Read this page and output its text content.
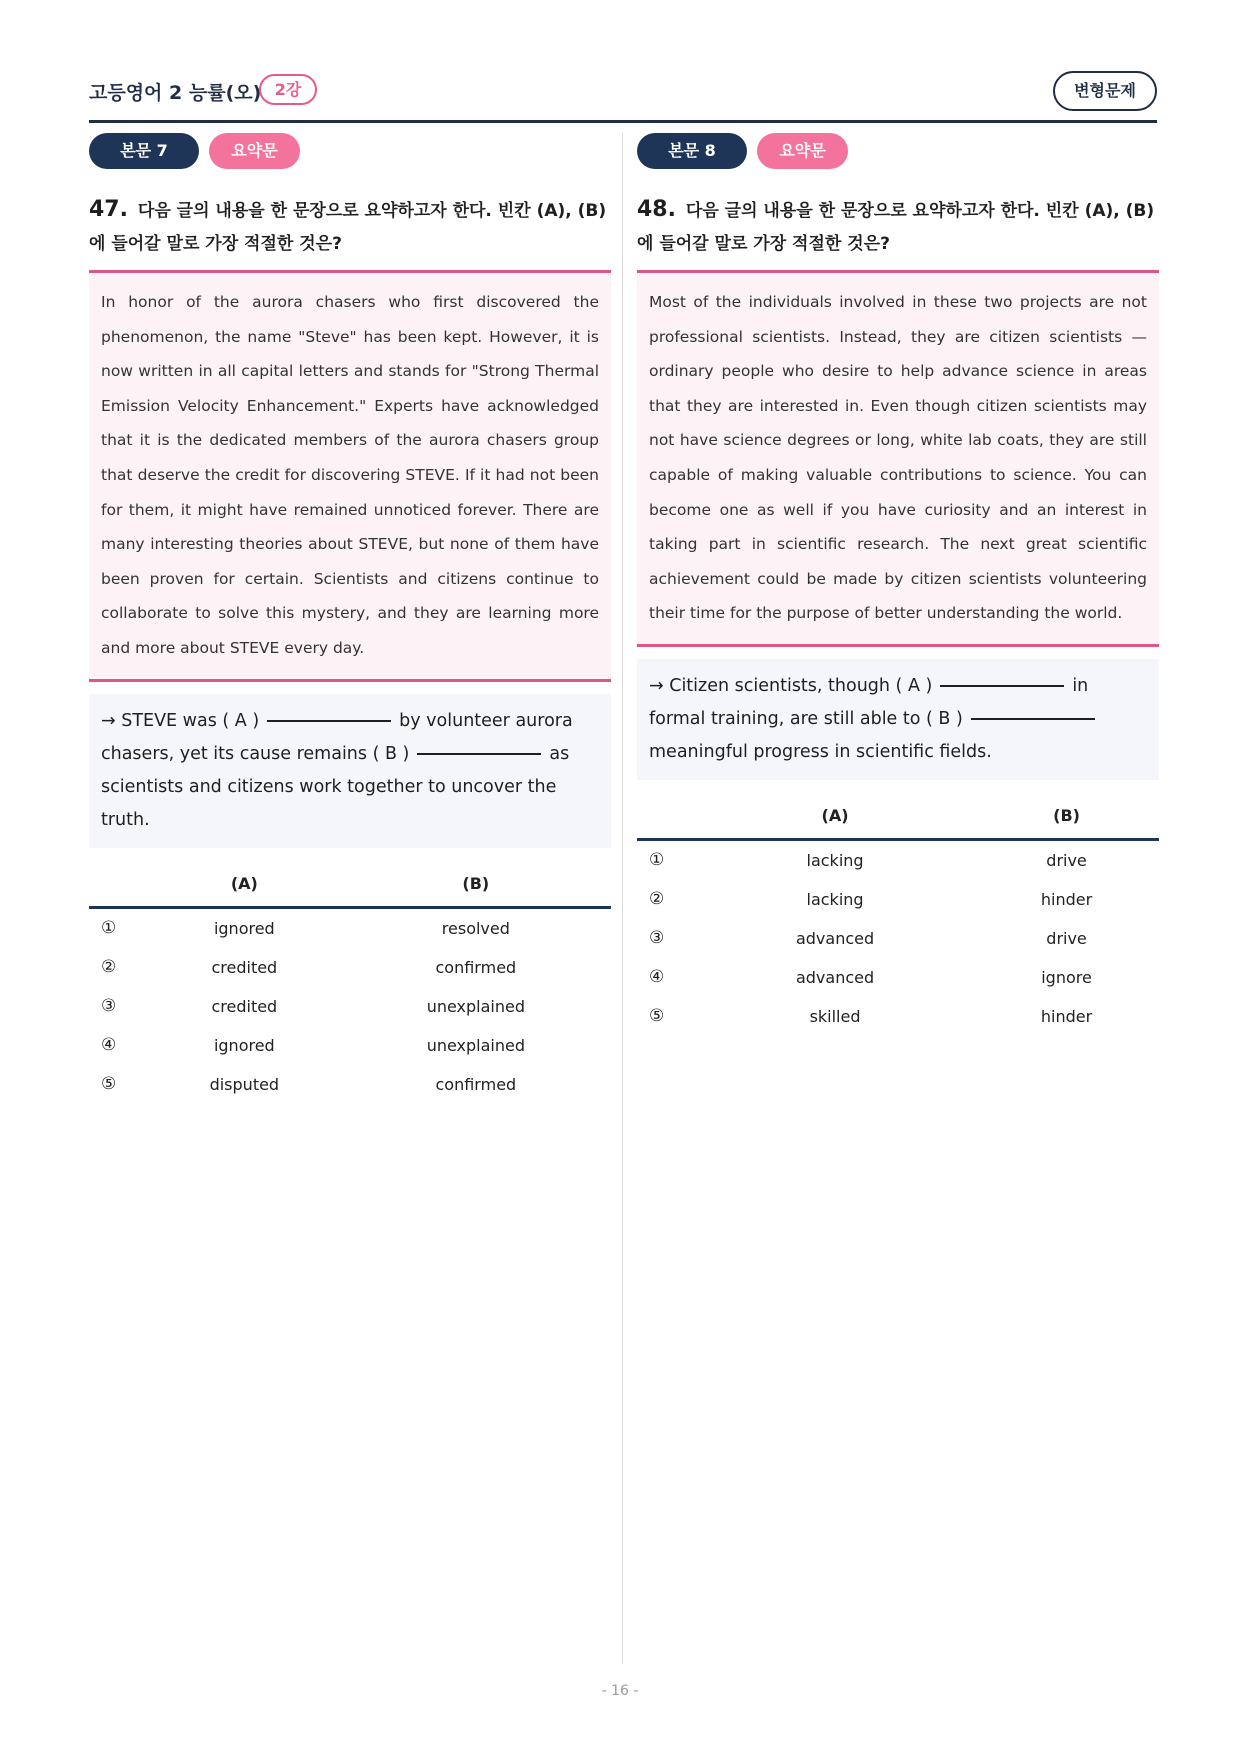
고등영어 2 능률(오) 2강	변형문제
본문 7	요약문
47. 다음 글의 내용을 한 문장으로 요약하고자 한다. 빈칸 (A), (B)에 들어갈 말로 가장 적절한 것은?
In honor of the aurora chasers who first discovered the phenomenon, the name "Steve" has been kept. However, it is now written in all capital letters and stands for "Strong Thermal Emission Velocity Enhancement." Experts have acknowledged that it is the dedicated members of the aurora chasers group that deserve the credit for discovering STEVE. If it had not been for them, it might have remained unnoticed forever. There are many interesting theories about STEVE, but none of them have been proven for certain. Scientists and citizens continue to collaborate to solve this mystery, and they are learning more and more about STEVE every day.
→ STEVE was ( A )	by volunteer aurora chasers, yet its cause remains ( B )	as scientists and citizens work together to uncover the truth.
	(A)	(B)
①	ignored	resolved
②	credited	confirmed
③	credited	unexplained
④	ignored	unexplained
⑤	disputed	confirmed
본문 8	요약문
48. 다음 글의 내용을 한 문장으로 요약하고자 한다. 빈칸 (A), (B)에 들어갈 말로 가장 적절한 것은?
Most of the individuals involved in these two projects are not professional scientists. Instead, they are citizen scientists — ordinary people who desire to help advance science in areas that they are interested in. Even though citizen scientists may not have science degrees or long, white lab coats, they are still capable of making valuable contributions to science. You can become one as well if you have curiosity and an interest in taking part in scientific research. The next great scientific achievement could be made by citizen scientists volunteering their time for the purpose of better understanding the world.
→ Citizen scientists, though ( A )	in formal training, are still able to ( B )meaningful progress in scientific fields.
	(A)	(B)
①	lacking	drive
②	lacking	hinder
③	advanced	drive
④	advanced	ignore
⑤	skilled	hinder
- 16 -
